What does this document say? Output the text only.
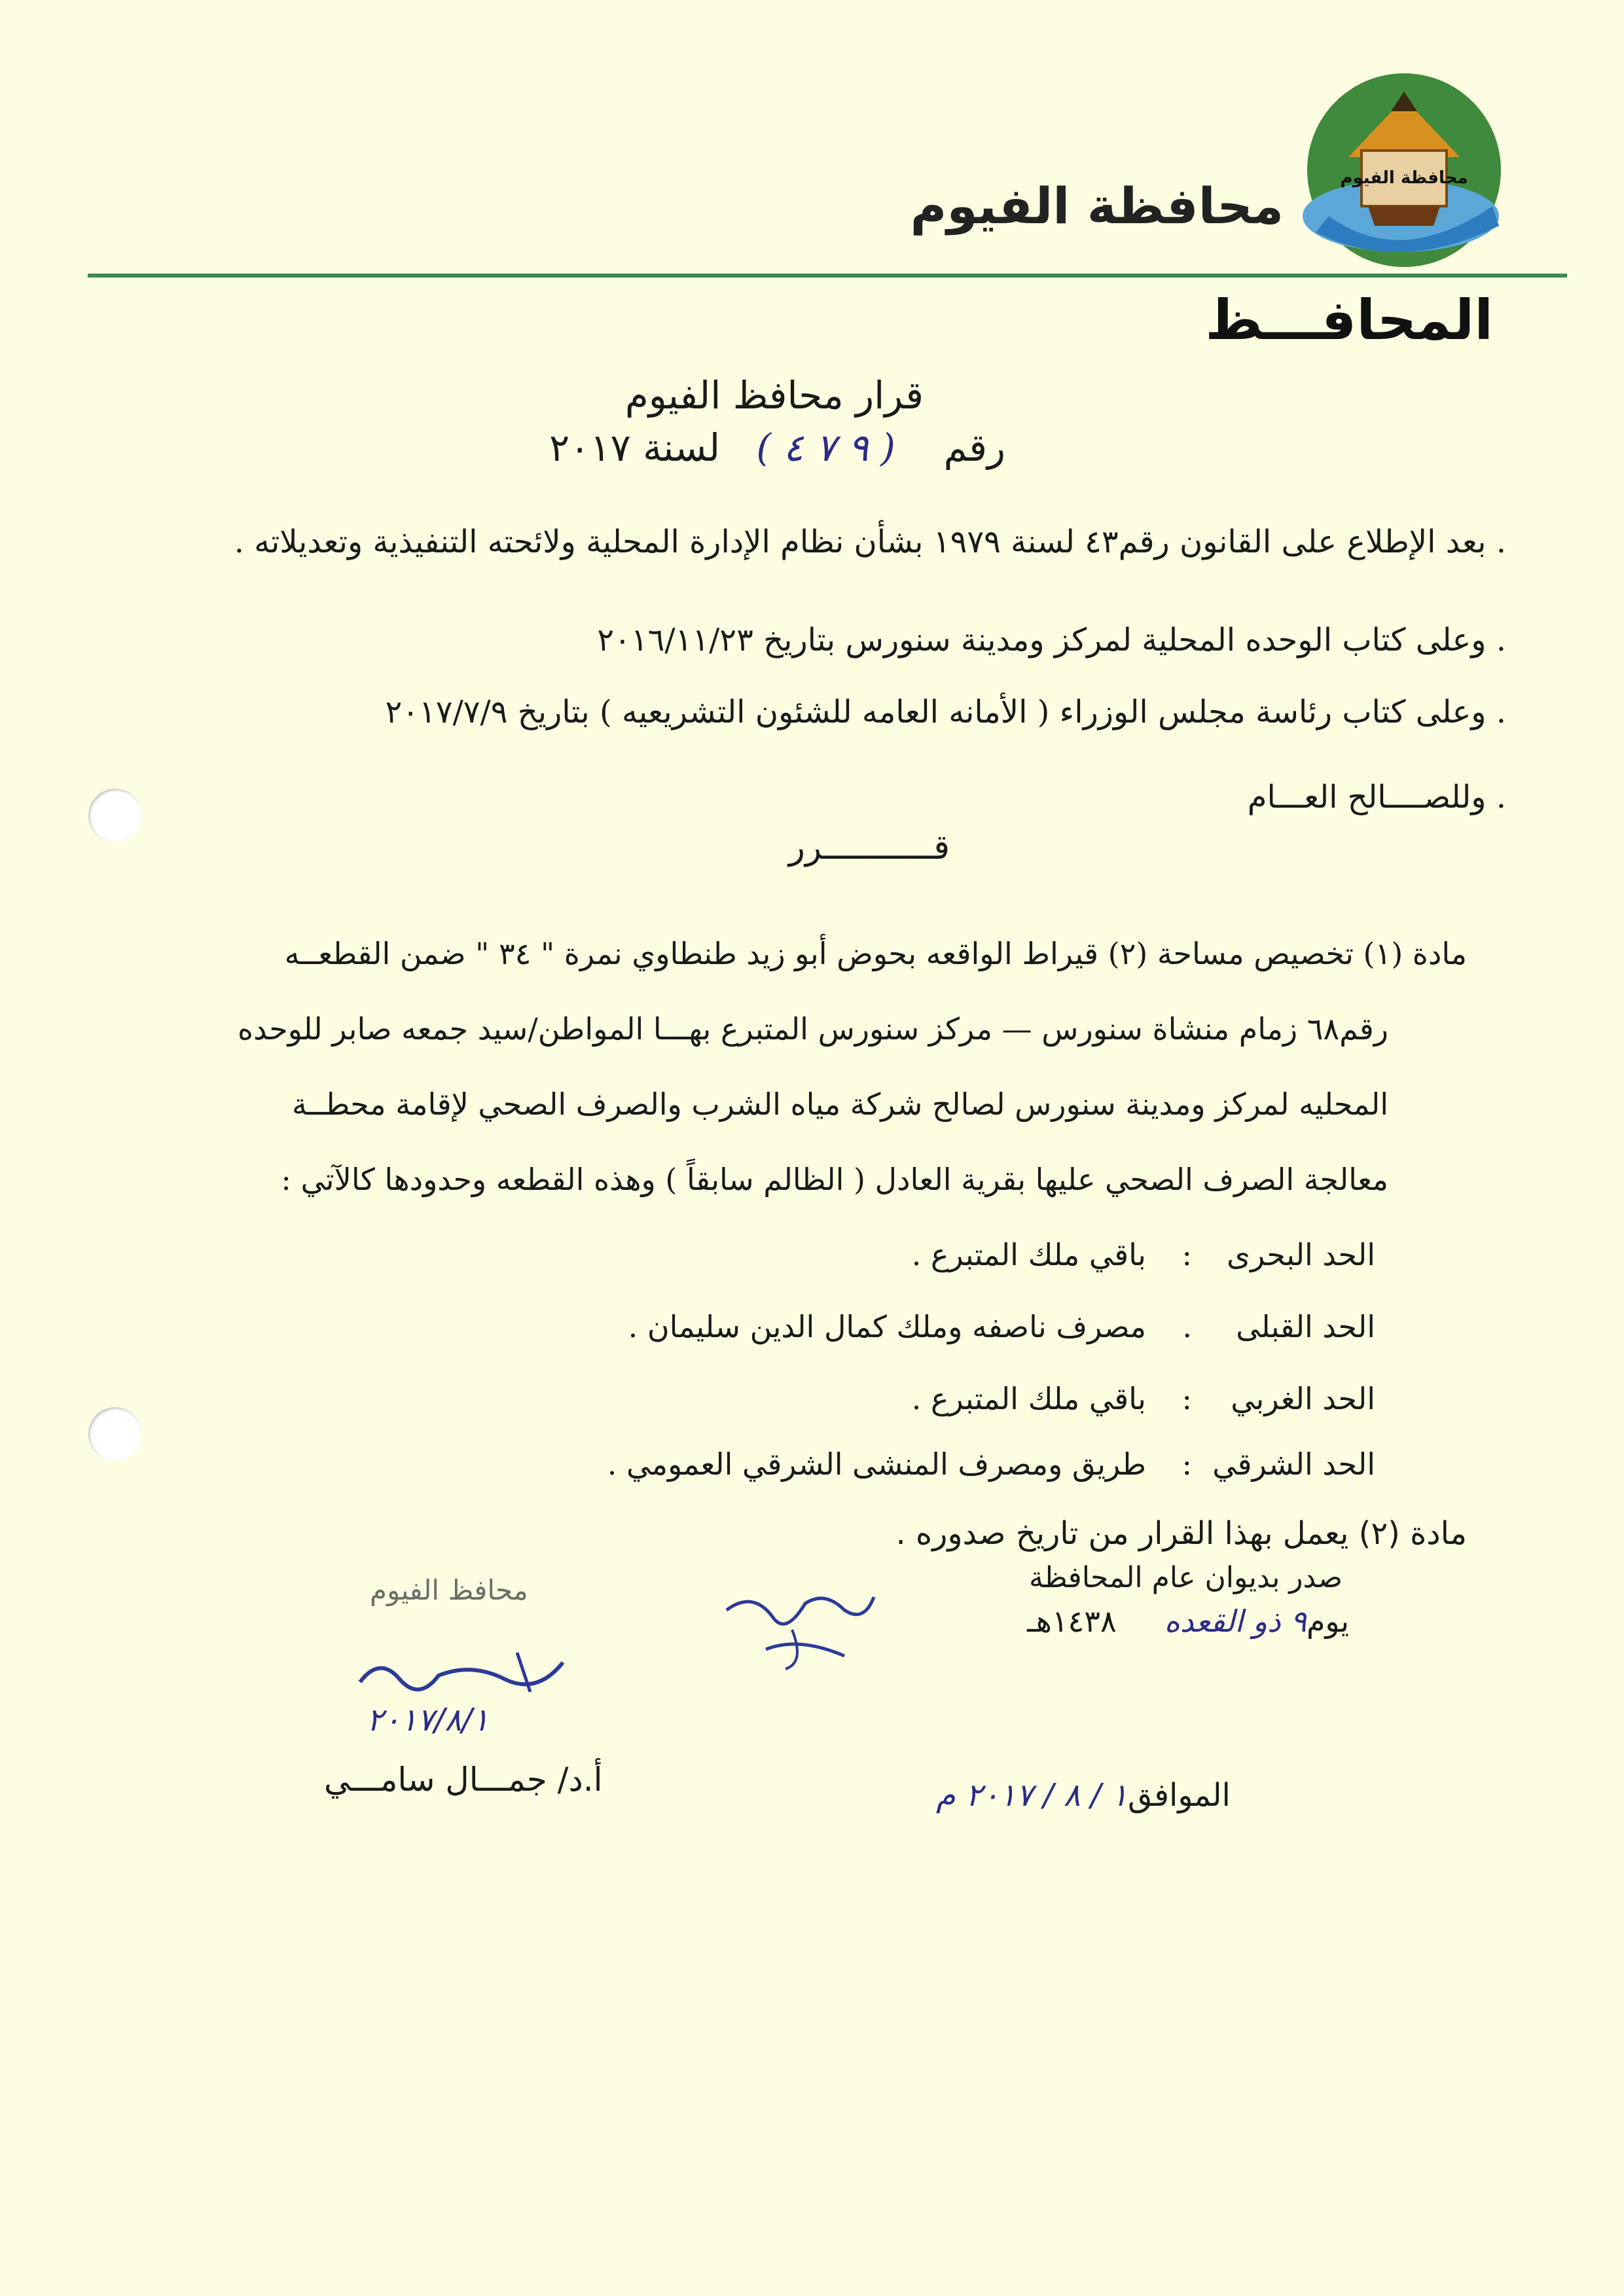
محافظة الفيوم
محافظة الفيوم
المحافـــظ
قرار محافظ الفيوم
رقم    ( ٩ ٧ ٤ )   لسنة ٢٠١٧
. بعد الإطلاع على القانون رقم٤٣ لسنة ١٩٧٩ بشأن نظام الإدارة المحلية ولائحته التنفيذية وتعديلاته .
. وعلى كتاب الوحده المحلية لمركز ومدينة سنورس بتاريخ ٢٠١٦/١١/٢٣
. وعلى كتاب رئاسة مجلس الوزراء ( الأمانه العامه للشئون التشريعيه ) بتاريخ ٢٠١٧/٧/٩
. وللصــــالح العـــام
قـــــــــــرر
مادة (١) تخصيص مساحة (٢) قيراط الواقعه بحوض أبو زيد طنطاوي نمرة " ٣٤ " ضمن القطعــه
رقم٦٨ زمام منشاة سنورس — مركز سنورس المتبرع بهـــا المواطن/سيد جمعه صابر للوحده
المحليه لمركز ومدينة سنورس لصالح شركة مياه الشرب والصرف الصحي لإقامة محطــة
معالجة الصرف الصحي عليها بقرية العادل ( الظالم سابقاً ) وهذه القطعه وحدودها كالآتي :
الحد البحرى
:
باقي ملك المتبرع .
الحد القبلى
.
مصرف ناصفه وملك كمال الدين سليمان .
الحد الغربي
:
باقي ملك المتبرع .
الحد الشرقي
:
طريق ومصرف المنشى الشرقي العمومي .
مادة (٢) يعمل بهذا القرار من تاريخ صدوره .
صدر بديوان عام المحافظة
يوم٩ ذو القعده     ١٤٣٨هـ
محافظ الفيوم
٢٠١٧/٨/١
أ.د/ جمـــال سامـــي	الموافق١ / ٨ / ٢٠١٧ م
